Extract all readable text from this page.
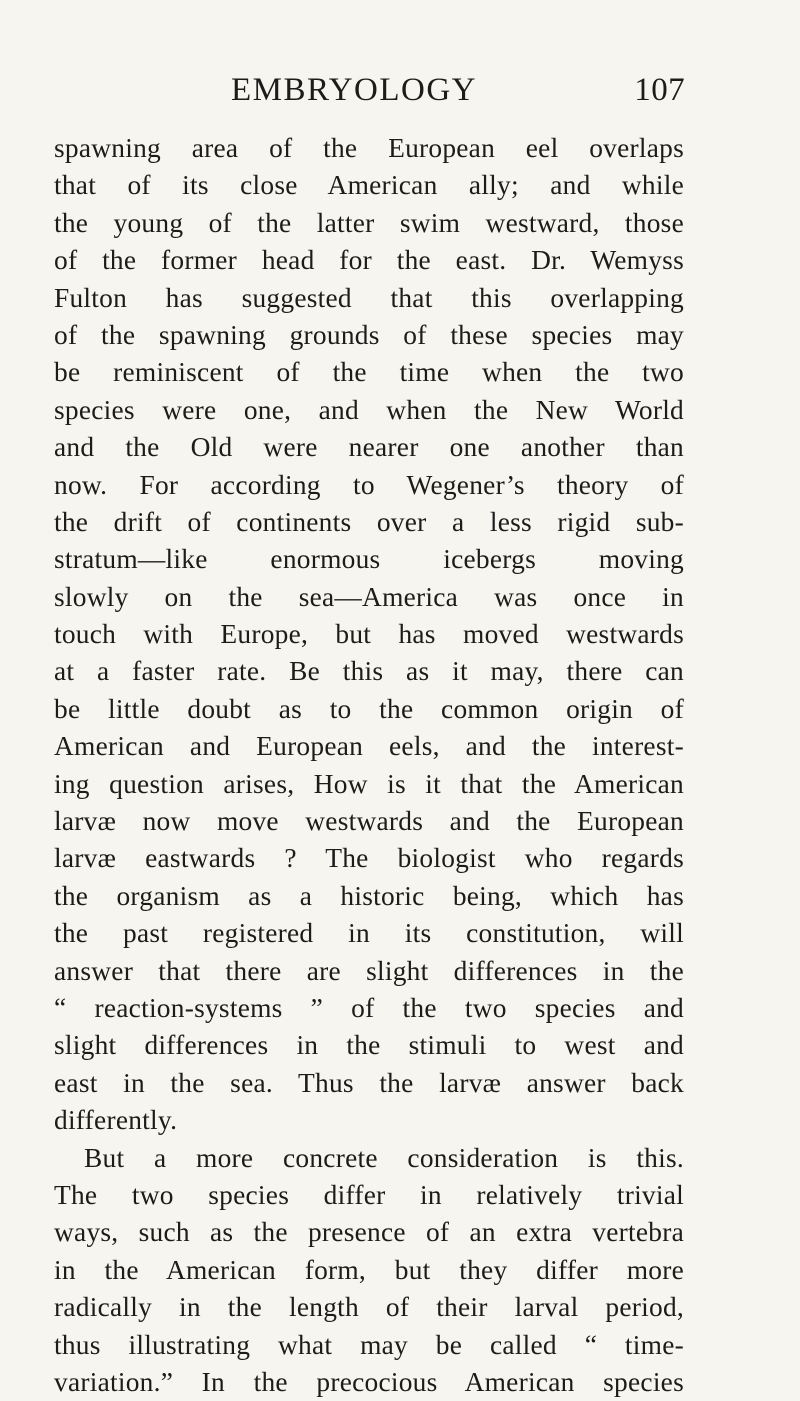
EMBRYOLOGY	107
spawning area of the European eel overlaps
that of its close American ally; and while
the young of the latter swim westward, those
of the former head for the east. Dr. Wemyss
Fulton has suggested that this overlapping
of the spawning grounds of these species may
be reminiscent of the time when the two
species were one, and when the New World
and the Old were nearer one another than
now. For according to Wegener’s theory of
the drift of continents over a less rigid sub-
stratum—like enormous icebergs moving
slowly on the sea—America was once in
touch with Europe, but has moved westwards
at a faster rate. Be this as it may, there can
be little doubt as to the common origin of
American and European eels, and the interest-
ing question arises, How is it that the American
larvæ now move westwards and the European
larvæ eastwards ? The biologist who regards
the organism as a historic being, which has
the past registered in its constitution, will
answer that there are slight differences in the
“ reaction-systems ” of the two species and
slight differences in the stimuli to west and
east in the sea. Thus the larvæ answer back
differently.
But a more concrete consideration is this.
The two species differ in relatively trivial
ways, such as the presence of an extra vertebra
in the American form, but they differ more
radically in the length of their larval period,
thus illustrating what may be called “ time-
variation.” In the precocious American species
